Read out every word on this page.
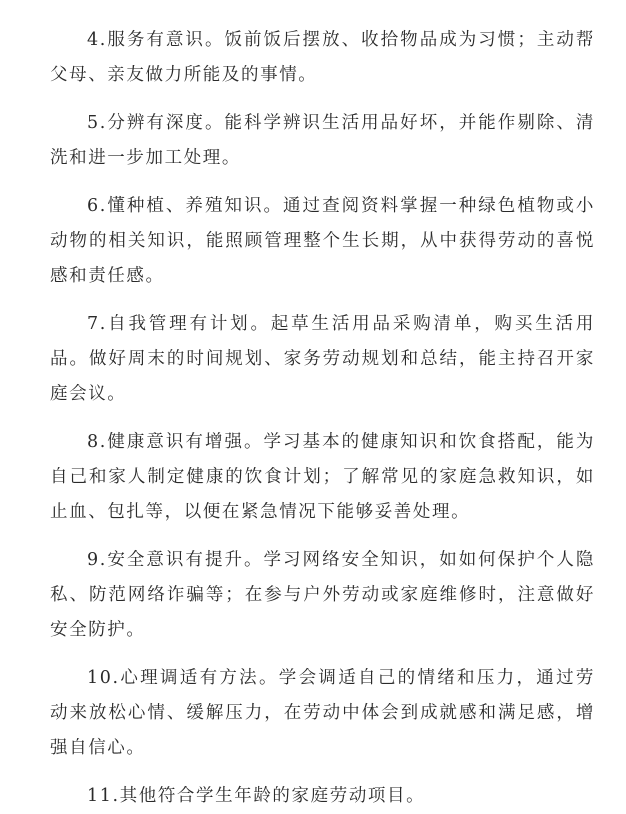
4.服务有意识。饭前饭后摆放、收拾物品成为习惯；主动帮父母、亲友做力所能及的事情。

5.分辨有深度。能科学辨识生活用品好坏，并能作剔除、清洗和进一步加工处理。

6.懂种植、养殖知识。通过查阅资料掌握一种绿色植物或小动物的相关知识，能照顾管理整个生长期，从中获得劳动的喜悦感和责任感。

7.自我管理有计划。起草生活用品采购清单，购买生活用品。做好周末的时间规划、家务劳动规划和总结，能主持召开家庭会议。

8.健康意识有增强。学习基本的健康知识和饮食搭配，能为自己和家人制定健康的饮食计划；了解常见的家庭急救知识，如止血、包扎等，以便在紧急情况下能够妥善处理。

9.安全意识有提升。学习网络安全知识，如如何保护个人隐私、防范网络诈骗等；在参与户外劳动或家庭维修时，注意做好安全防护。

10.心理调适有方法。学会调适自己的情绪和压力，通过劳动来放松心情、缓解压力，在劳动中体会到成就感和满足感，增强自信心。

11.其他符合学生年龄的家庭劳动项目。
